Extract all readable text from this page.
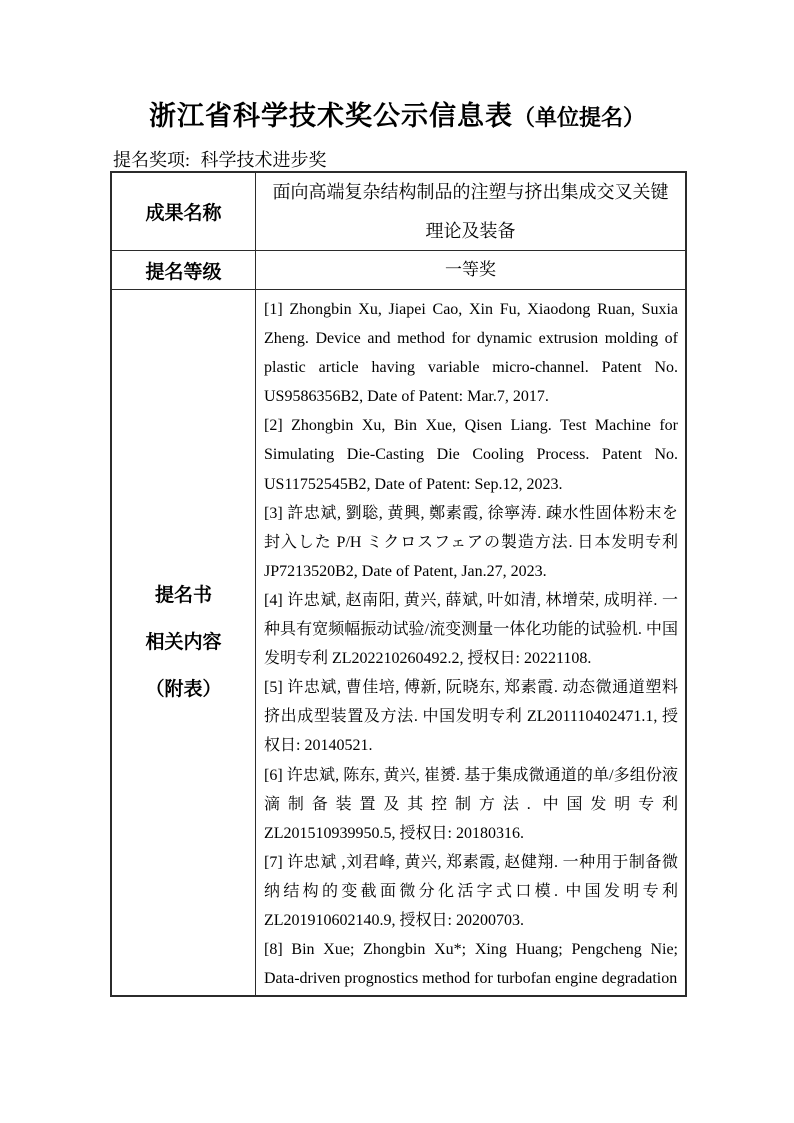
浙江省科学技术奖公示信息表（单位提名）
提名奖项: 科学技术进步奖
成果名称
面向高端复杂结构制品的注塑与挤出集成交叉关键
理论及装备
提名等级	一等奖
提名书
相关内容
（附表）

[1] Zhongbin Xu, Jiapei Cao, Xin Fu, Xiaodong Ruan, Suxia Zheng. Device and method for dynamic extrusion molding of plastic article having variable micro-channel. Patent No. US9586356B2, Date of Patent: Mar.7, 2017.

[2] Zhongbin Xu, Bin Xue, Qisen Liang. Test Machine for Simulating Die-Casting Die Cooling Process. Patent No. US11752545B2, Date of Patent: Sep.12, 2023.

[3] 許忠斌, 劉聡, 黄興, 鄭素霞, 徐寧涛. 疎水性固体粉末を封入した P/H ミクロスフェアの製造方法. 日本发明专利 JP7213520B2, Date of Patent, Jan.27, 2023.

[4] 许忠斌, 赵南阳, 黄兴, 薛斌, 叶如清, 林增荣, 成明祥. 一种具有宽频幅振动试验/流变测量一体化功能的试验机. 中国发明专利 ZL202210260492.2, 授权日: 20221108.

[5] 许忠斌, 曹佳培, 傅新, 阮晓东, 郑素霞. 动态微通道塑料挤出成型装置及方法. 中国发明专利 ZL201110402471.1, 授权日: 20140521.

[6] 许忠斌, 陈东, 黄兴, 崔赟. 基于集成微通道的单/多组份液滴制备装置及其控制方法. 中国发明专利 ZL201510939950.5, 授权日: 20180316.

[7] 许忠斌 ,刘君峰, 黄兴, 郑素霞, 赵健翔. 一种用于制备微纳结构的变截面微分化活字式口模. 中国发明专利 ZL201910602140.9, 授权日: 20200703.

[8] Bin Xue; Zhongbin Xu*; Xing Huang; Pengcheng Nie; Data-driven prognostics method for turbofan engine degradation
